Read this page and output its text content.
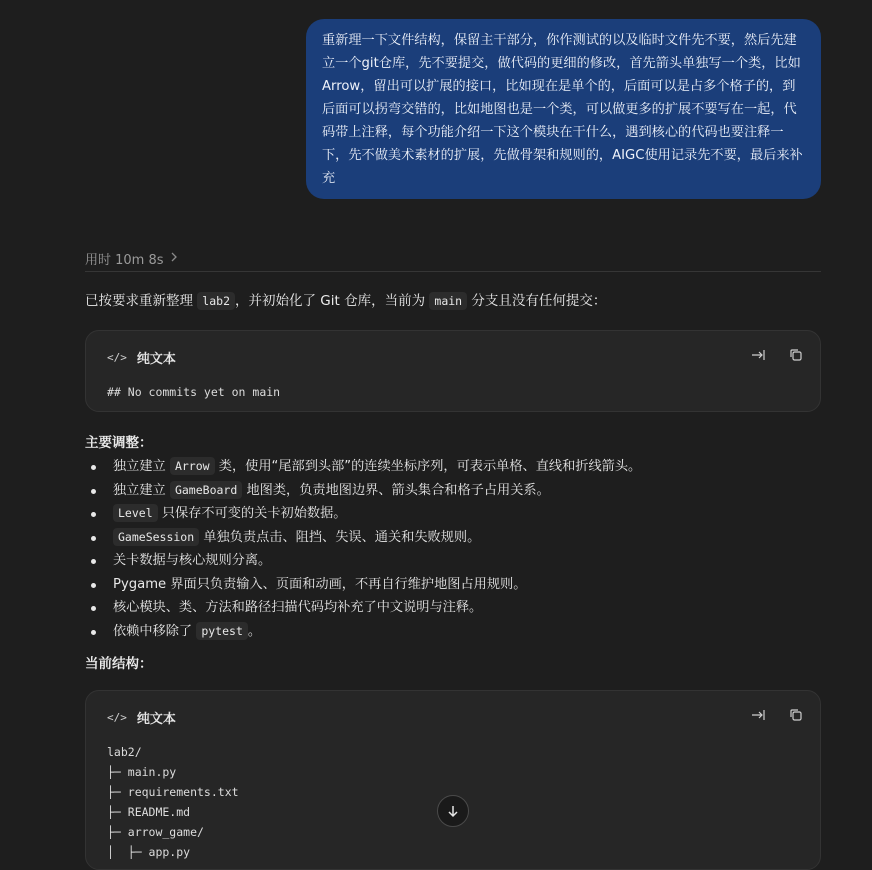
重新理一下文件结构，保留主干部分，你作测试的以及临时文件先不要，然后先建立一个git仓库，先不要提交，做代码的更细的修改，首先箭头单独写一个类，比如Arrow，留出可以扩展的接口，比如现在是单个的，后面可以是占多个格子的，到后面可以拐弯交错的，比如地图也是一个类，可以做更多的扩展不要写在一起，代码带上注释，每个功能介绍一下这个模块在干什么，遇到核心的代码也要注释一下，先不做美术素材的扩展，先做骨架和规则的，AIGC使用记录先不要，最后来补充
用时 10m 8s
已按要求重新整理 lab2 ，并初始化了 Git 仓库，当前为 main 分支且没有任何提交：
</> 纯文本
## No commits yet on main
主要调整：
独立建立 Arrow 类，使用“尾部到头部”的连续坐标序列，可表示单格、直线和折线箭头。
独立建立 GameBoard 地图类，负责地图边界、箭头集合和格子占用关系。
Level 只保存不可变的关卡初始数据。
GameSession 单独负责点击、阻挡、失误、通关和失败规则。
关卡数据与核心规则分离。
Pygame 界面只负责输入、页面和动画，不再自行维护地图占用规则。
核心模块、类、方法和路径扫描代码均补充了中文说明与注释。
依赖中移除了 pytest 。
当前结构：
</> 纯文本
lab2/
├─ main.py
├─ requirements.txt
├─ README.md
├─ arrow_game/
│  ├─ app.py
